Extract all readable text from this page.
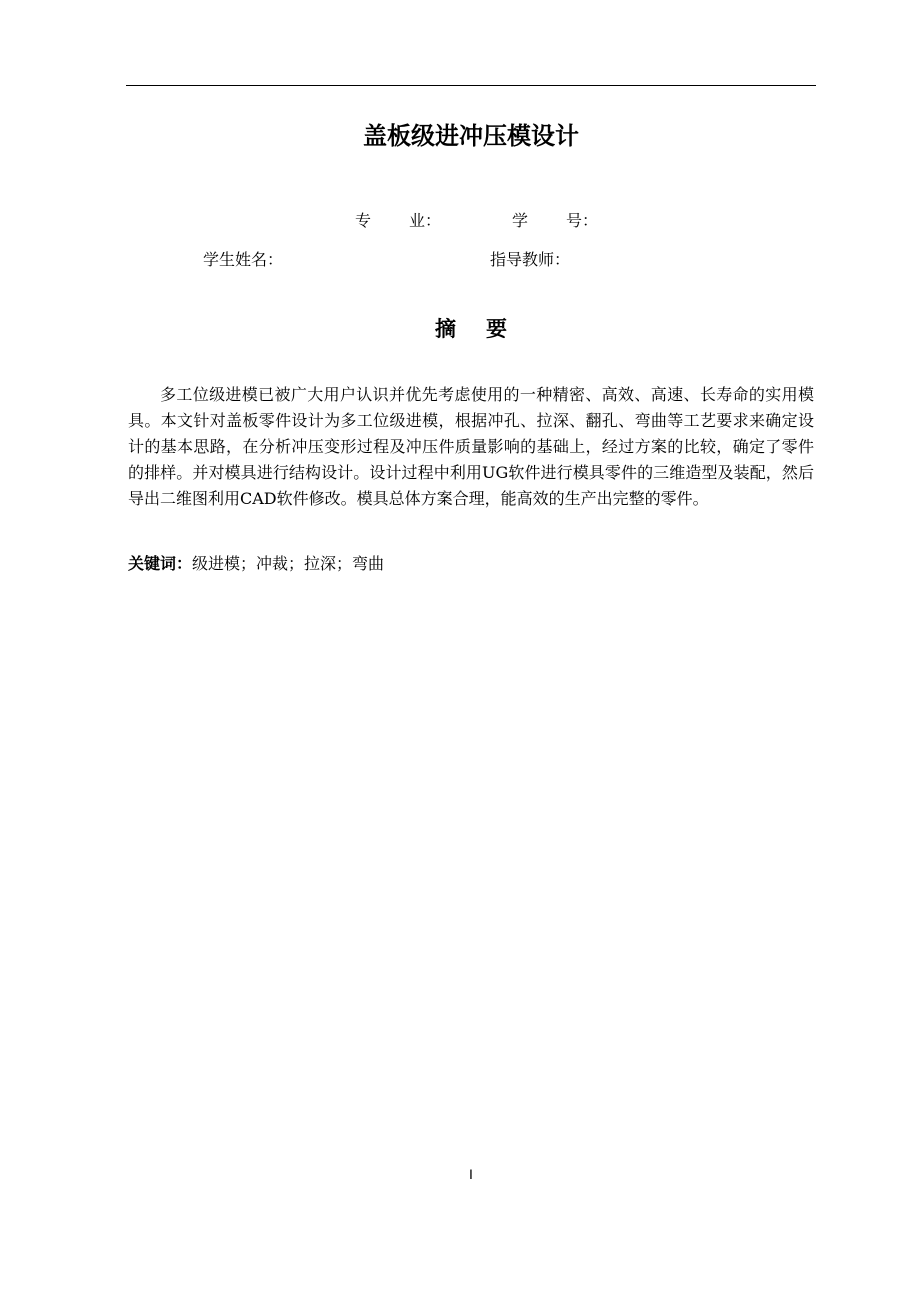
盖板级进冲压模设计
专 业：	学 号：
学生姓名：	指导教师：
摘 要

多工位级进模已被广大用户认识并优先考虑使用的一种精密、高效、高速、长寿命的实用模具。本文针对盖板零件设计为多工位级进模，根据冲孔、拉深、翻孔、弯曲等工艺要求来确定设计的基本思路，在分析冲压变形过程及冲压件质量影响的基础上，经过方案的比较，确定了零件的排样。并对模具进行结构设计。设计过程中利用UG软件进行模具零件的三维造型及装配，然后导出二维图利用CAD软件修改。模具总体方案合理，能高效的生产出完整的零件。

关键词：级进模；冲裁；拉深；弯曲

I
